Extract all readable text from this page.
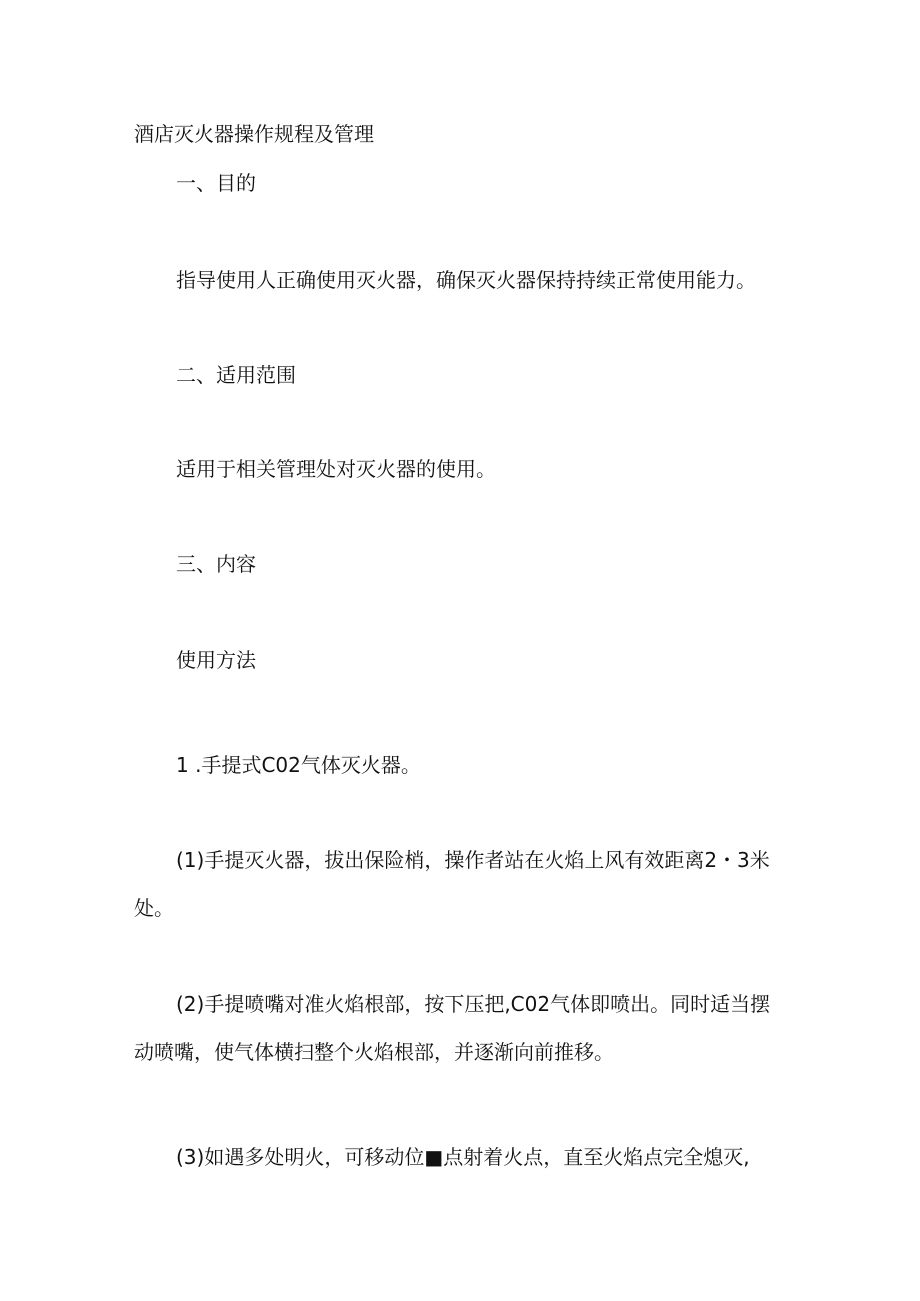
酒店灭火器操作规程及管理
一、目的
指导使用人正确使用灭火器，确保灭火器保持持续正常使用能力。
二、适用范围
适用于相关管理处对灭火器的使用。
三、内容
使用方法
1 .手提式C02气体灭火器。
(1)手提灭火器，拔出保险梢，操作者站在火焰上风有效距离2・3米
处。
(2)手提喷嘴对准火焰根部，按下压把,C02气体即喷出。同时适当摆
动喷嘴，使气体横扫整个火焰根部，并逐渐向前推移。
(3)如遇多处明火，可移动位■点射着火点，直至火焰点完全熄灭,
